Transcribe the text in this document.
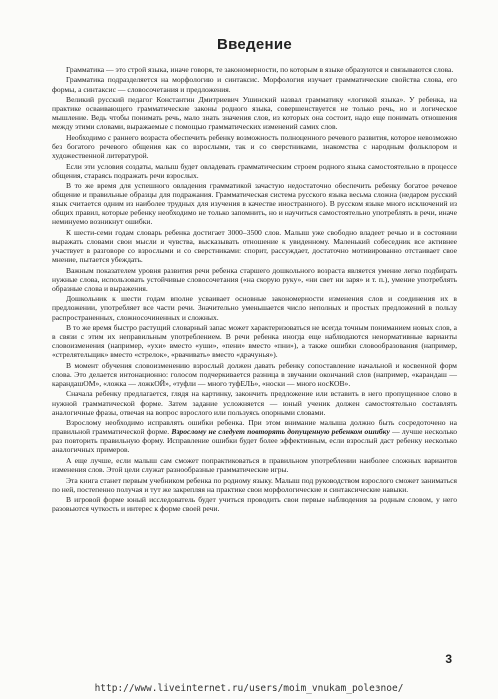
Введение

Грамматика — это строй языка, иначе говоря, те закономерности, по которым в языке образуются и связываются слова.

Грамматика подразделяется на морфологию и синтаксис. Морфология изучает грамматические свойства слова, его формы, а синтаксис — словосочетания и предложения.

Великий русский педагог Константин Дмитриевич Ушинский назвал грамматику «логикой языка». У ребенка, на практике осваивающего грамматические законы родного языка, совершенствуется не только речь, но и логическое мышление. Ведь чтобы понимать речь, мало знать значения слов, из которых она состоит, надо еще понимать отношения между этими словами, выражаемые с помощью грамматических изменений самих слов.

Необходимо с раннего возраста обеспечить ребенку возможность полноценного речевого развития, которое невозможно без богатого речевого общения как со взрослыми, так и со сверстниками, знакомства с народным фольклором и художественной литературой.

Если эти условия создаты, малыш будет овладевать грамматическим строем родного языка самостоятельно в процессе общения, стараясь подражать речи взрослых.

В то же время для успешного овладения грамматикой зачастую недостаточно обеспечить ребенку богатое речевое общение и правильные образцы для подражания. Грамматическая система русского языка весьма сложна (недаром русский язык считается одним из наиболее трудных для изучения в качестве иностранного). В русском языке много исключений из общих правил, которые ребенку необходимо не только запомнить, но и научиться самостоятельно употреблять в речи, иначе неминуемо возникнут ошибки.

К шести-семи годам словарь ребенка достигает 3000–3500 слов. Малыш уже свободно владеет речью и в состоянии выражать словами свои мысли и чувства, высказывать отношение к увиденному. Маленький собеседник все активнее участвует в разговоре со взрослыми и со сверстниками: спорит, рассуждает, достаточно мотивированно отстаивает свое мнение, пытается убеждать.

Важным показателем уровня развития речи ребенка старшего дошкольного возраста является умение легко подбирать нужные слова, использовать устойчивые словосочетания («на скорую руку», «ни свет ни заря» и т. п.), умение употреблять образные слова и выражения.

Дошкольник к шести годам вполне усваивает основные закономерности изменения слов и соединения их в предложении, употребляет все части речи. Значительно уменьшается число неполных и простых предложений в пользу распространенных, сложносочиненных и сложных.

В то же время быстро растущий словарный запас может характеризоваться не всегда точным пониманием новых слов, а в связи с этим их неправильным употреблением. В речи ребенка иногда еще наблюдаются ненормативные варианты словоизменения (например, «ухи» вместо «уши», «пени» вместо «пни»), а также ошибки словообразования (например, «стрелятельщик» вместо «стрелок», «рвачивать» вместо «драчунья»).

В момент обучения словоизменению взрослый должен давать ребенку сопоставление начальной и косвенной форм слова. Это делается интонационно: голосом подчеркивается разница в звучании окончаний слов (например, «карандаш — карандашОМ», «ложка — ложкОЙ», «туфли — много туфЕЛЬ», «носки — много носКОВ».

Сначала ребенку предлагается, глядя на картинку, закончить предложение или вставить в него пропущенное слово в нужной грамматической форме. Затем задание усложняется — юный ученик должен самостоятельно составлять аналогичные фразы, отвечая на вопрос взрослого или пользуясь опорными словами.

Взрослому необходимо исправлять ошибки ребенка. При этом внимание малыша должно быть сосредоточено на правильной грамматической форме. Взрослому не следует повторять допущенную ребенком ошибку — лучше несколько раз повторить правильную форму. Исправление ошибки будет более эффективным, если взрослый даст ребенку несколько аналогичных примеров.

А еще лучше, если малыш сам сможет попрактиковаться в правильном употреблении наиболее сложных вариантов изменения слов. Этой цели служат разнообразные грамматические игры.

Эта книга станет первым учебником ребенка по родному языку. Малыш под руководством взрослого сможет заниматься по ней, постепенно получая и тут же закрепляя на практике свои морфологические и синтаксические навыки.

В игровой форме юный исследователь будет учиться проводить свои первые наблюдения за родным словом, у него разовьются чуткость и интерес к форме своей речи.

3
http://www.liveinternet.ru/users/moim_vnukam_polезnoe/
